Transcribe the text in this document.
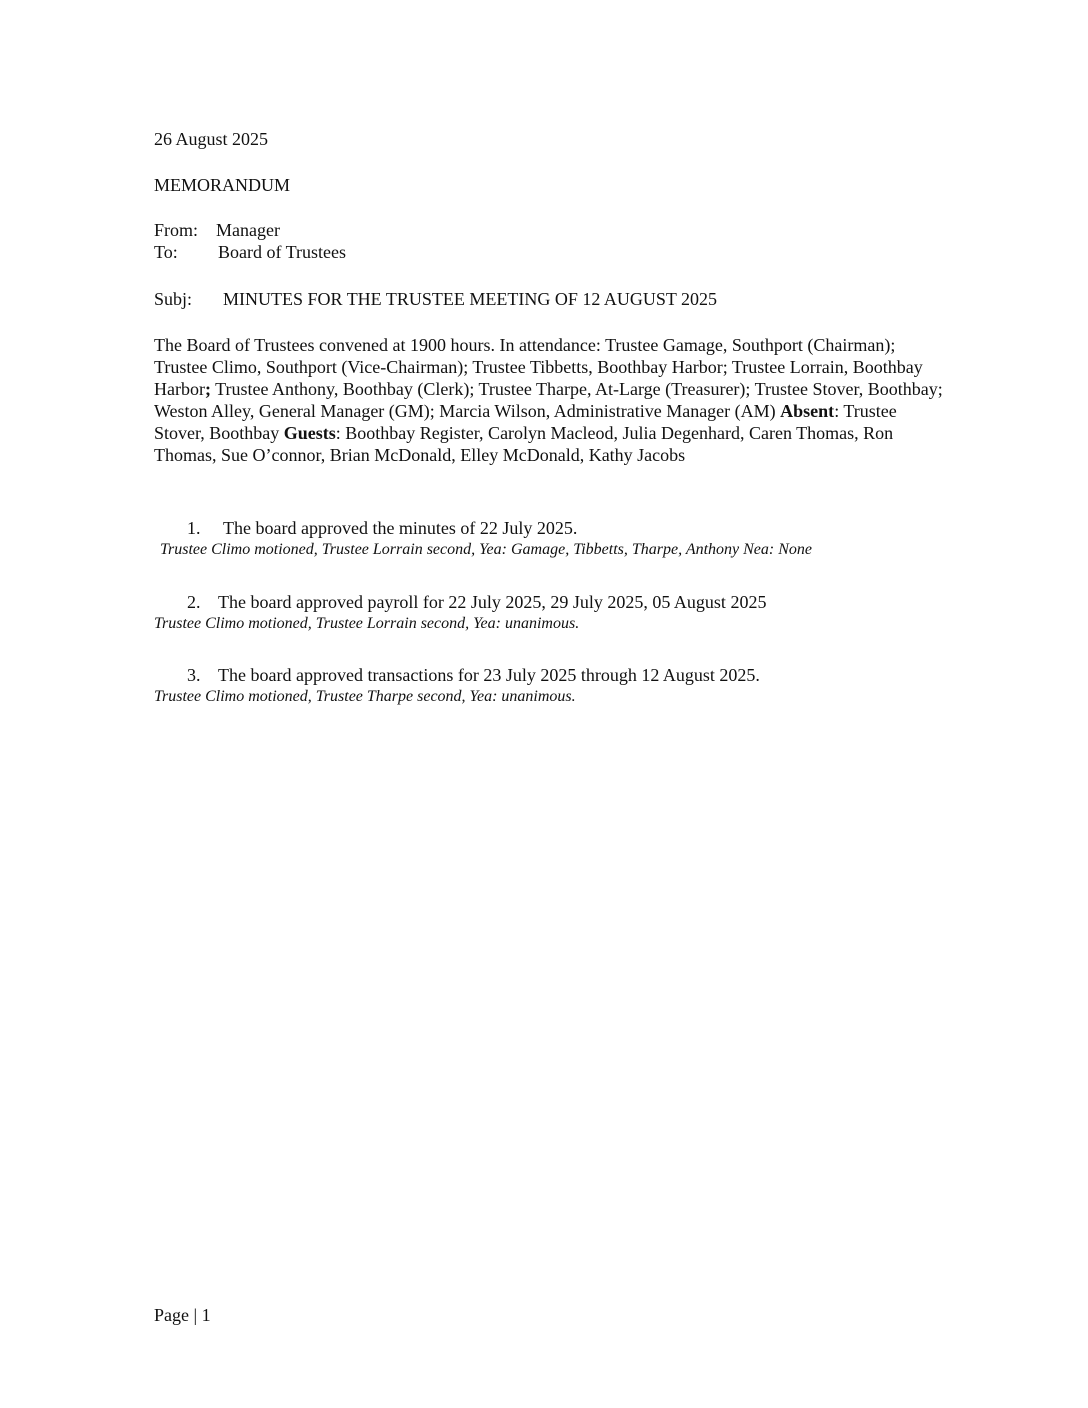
26 August 2025
MEMORANDUM
From: Manager
To: Board of Trustees
Subj: MINUTES FOR THE TRUSTEE MEETING OF 12 AUGUST 2025
The Board of Trustees convened at 1900 hours. In attendance: Trustee Gamage, Southport (Chairman); Trustee Climo, Southport (Vice-Chairman); Trustee Tibbetts, Boothbay Harbor; Trustee Lorrain, Boothbay Harbor; Trustee Anthony, Boothbay (Clerk); Trustee Tharpe, At-Large (Treasurer); Trustee Stover, Boothbay; Weston Alley, General Manager (GM); Marcia Wilson, Administrative Manager (AM) Absent: Trustee Stover, Boothbay Guests: Boothbay Register, Carolyn Macleod, Julia Degenhard, Caren Thomas, Ron Thomas, Sue O’connor, Brian McDonald, Elley McDonald, Kathy Jacobs
1. The board approved the minutes of 22 July 2025.
Trustee Climo motioned, Trustee Lorrain second, Yea: Gamage, Tibbetts, Tharpe, Anthony Nea: None
2. The board approved payroll for 22 July 2025, 29 July 2025, 05 August 2025
Trustee Climo motioned, Trustee Lorrain second, Yea: unanimous.
3. The board approved transactions for 23 July 2025 through 12 August 2025.
Trustee Climo motioned, Trustee Tharpe second, Yea: unanimous.
Page | 1
